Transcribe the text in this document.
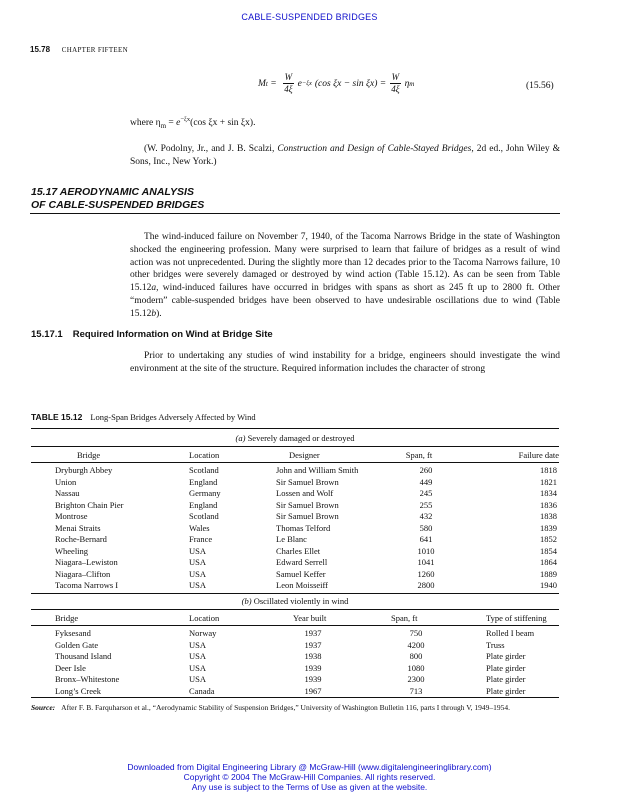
CABLE-SUSPENDED BRIDGES
15.78 CHAPTER FIFTEEN
M $t = \frac{W}{4\xi}$ e −ξx (cos $\xi x - \sin \xi x) = \frac{W}{4\xi}$ η m	(15.56)
where $\eta_m = e^{-\xi x}(\cos$ ξx + sin ξx).
(W. Podolny, Jr., and J. B. Scalzi, Construction and Design of Cable-Stayed Bridges, 2d ed., John Wiley & Sons, Inc., New York.)
15.17 AERODYNAMIC ANALYSIS
OF CABLE-SUSPENDED BRIDGES
The wind-induced failure on November 7, 1940, of the Tacoma Narrows Bridge in the state of Washington shocked the engineering profession. Many were surprised to learn that failure of bridges as a result of wind action was not unprecedented. During the slightly more than 12 decades prior to the Tacoma Narrows failure, 10 other bridges were severely damaged or destroyed by wind action (Table 15.12). As can be seen from Table 15.12a, wind-induced failures have occurred in bridges with spans as short as 245 ft up to 2800 ft. Other “modern” cable-suspended bridges have been observed to have undesirable oscillations due to wind (Table 15.12b).
15.17.1 Required Information on Wind at Bridge Site
Prior to undertaking any studies of wind instability for a bridge, engineers should investigate the wind environment at the site of the structure. Required information includes the character of strong
TABLE 15.12 Long-Span Bridges Adversely Affected by Wind
(a) Severely damaged or destroyed
Bridge	Location	Designer	Span, ft	Failure date
Dryburgh Abbey	Scotland	John and William Smith	260	1818
Union	England	Sir Samuel Brown	449	1821
Nassau	Germany	Lossen and Wolf	245	1834
Brighton Chain Pier	England	Sir Samuel Brown	255	1836
Montrose	Scotland	Sir Samuel Brown	432	1838
Menai Straits	Wales	Thomas Telford	580	1839
Roche-Bernard	France	Le Blanc	641	1852
Wheeling	USA	Charles Ellet	1010	1854
Niagara–Lewiston	USA	Edward Serrell	1041	1864
Niagara–Clifton	USA	Samuel Keffer	1260	1889
Tacoma Narrows I	USA	Leon Moisseiff	2800	1940
(b) Oscillated violently in wind
Bridge	Location	Year built	Span, ft	Type of stiffening
Fyksesand	Norway	1937	750	Rolled I beam
Golden Gate	USA	1937	4200	Truss
Thousand Island	USA	1938	800	Plate girder
Deer Isle	USA	1939	1080	Plate girder
Bronx–Whitestone	USA	1939	2300	Plate girder
Long’s Creek	Canada	1967	713	Plate girder
Source: After F. B. Farquharson et al., “Aerodynamic Stability of Suspension Bridges,” University of Washington Bulletin 116, parts I through V, 1949–1954.
Downloaded from Digital Engineering Library @ McGraw-Hill (www.digitalengineeringlibrary.com)
Copyright © 2004 The McGraw-Hill Companies. All rights reserved.
Any use is subject to the Terms of Use as given at the website.
